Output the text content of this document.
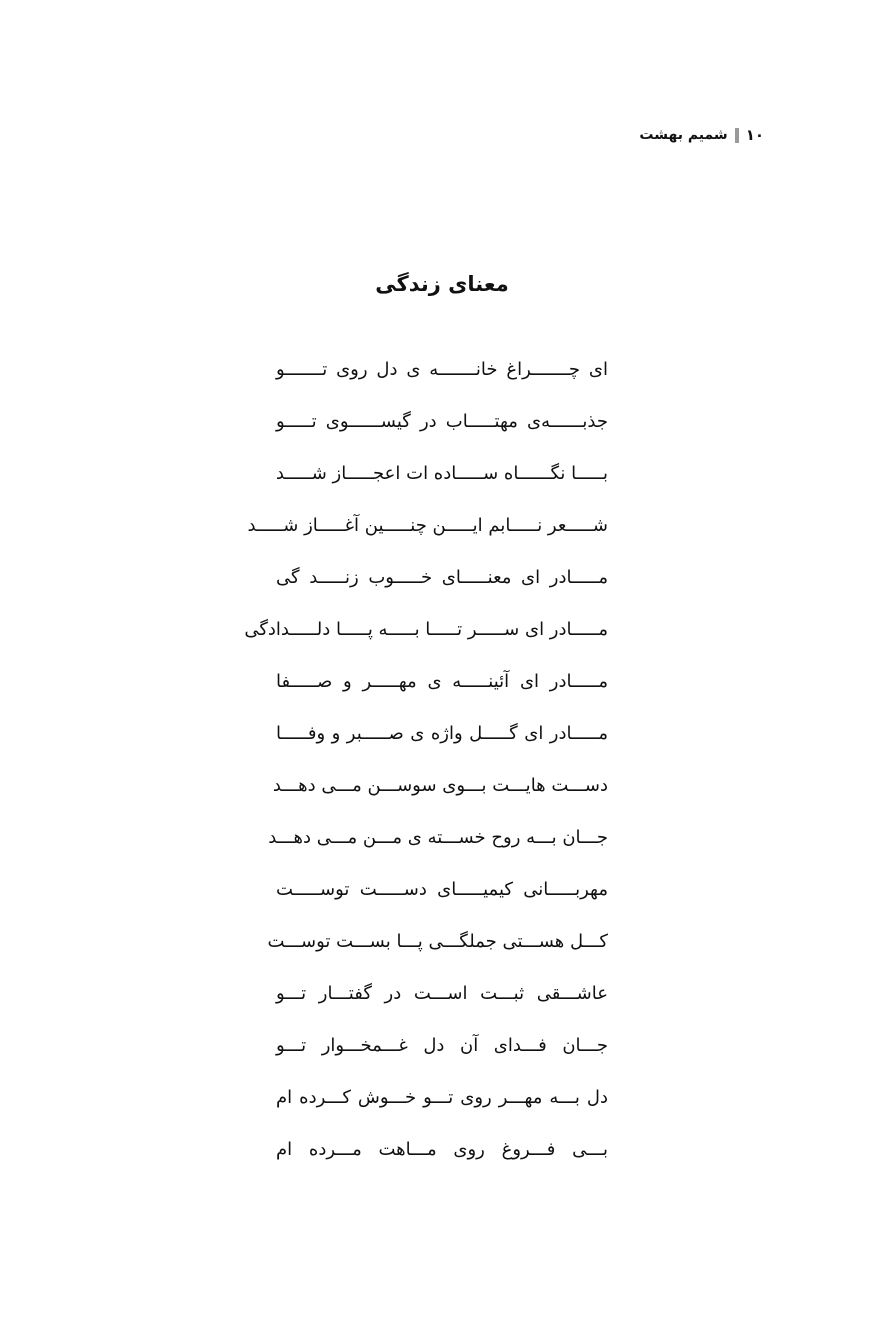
۱۰
شمیم بهشت
معنای زندگی
ای چـــــــراغ خانـــــــه ی دل روی تـــــــو
جذبــــــه‌ی مهتـــــاب در گیســــــوی تـــــو
بـــــا نگــــــاه ســـــاده ات اعجـــــاز شـــــد
شـــــعر نـــــابم ایـــــن چنـــــین آغـــــاز شـــــد
مـــــادر ای معنـــــای خـــــوب زنـــــد گی
مـــــادر ای ســـــر تـــــا بـــــه پـــــا دلـــــدادگی
مـــــادر ای آئینـــــه ی مهـــــر و صـــــفا
مـــــادر ای گـــــل واژه ی صـــــبر و وفـــــا
دســـت هایـــت بـــوی سوســـن مـــی دهـــد
جـــان بـــه روح خســـته ی مـــن مـــی دهـــد
مهربـــــانی کیمیـــــای دســـــت توســـــت
کـــل هســـتی جملگـــی پـــا بســـت توســـت
عاشـــقی ثبـــت اســـت در گفتـــار تـــو
جـــان فـــدای آن دل غـــمخـــوار تـــو
دل بـــه مهـــر روی تـــو خـــوش کـــرده ام
بـــی فـــروغ روی مـــاهت مـــرده ام
